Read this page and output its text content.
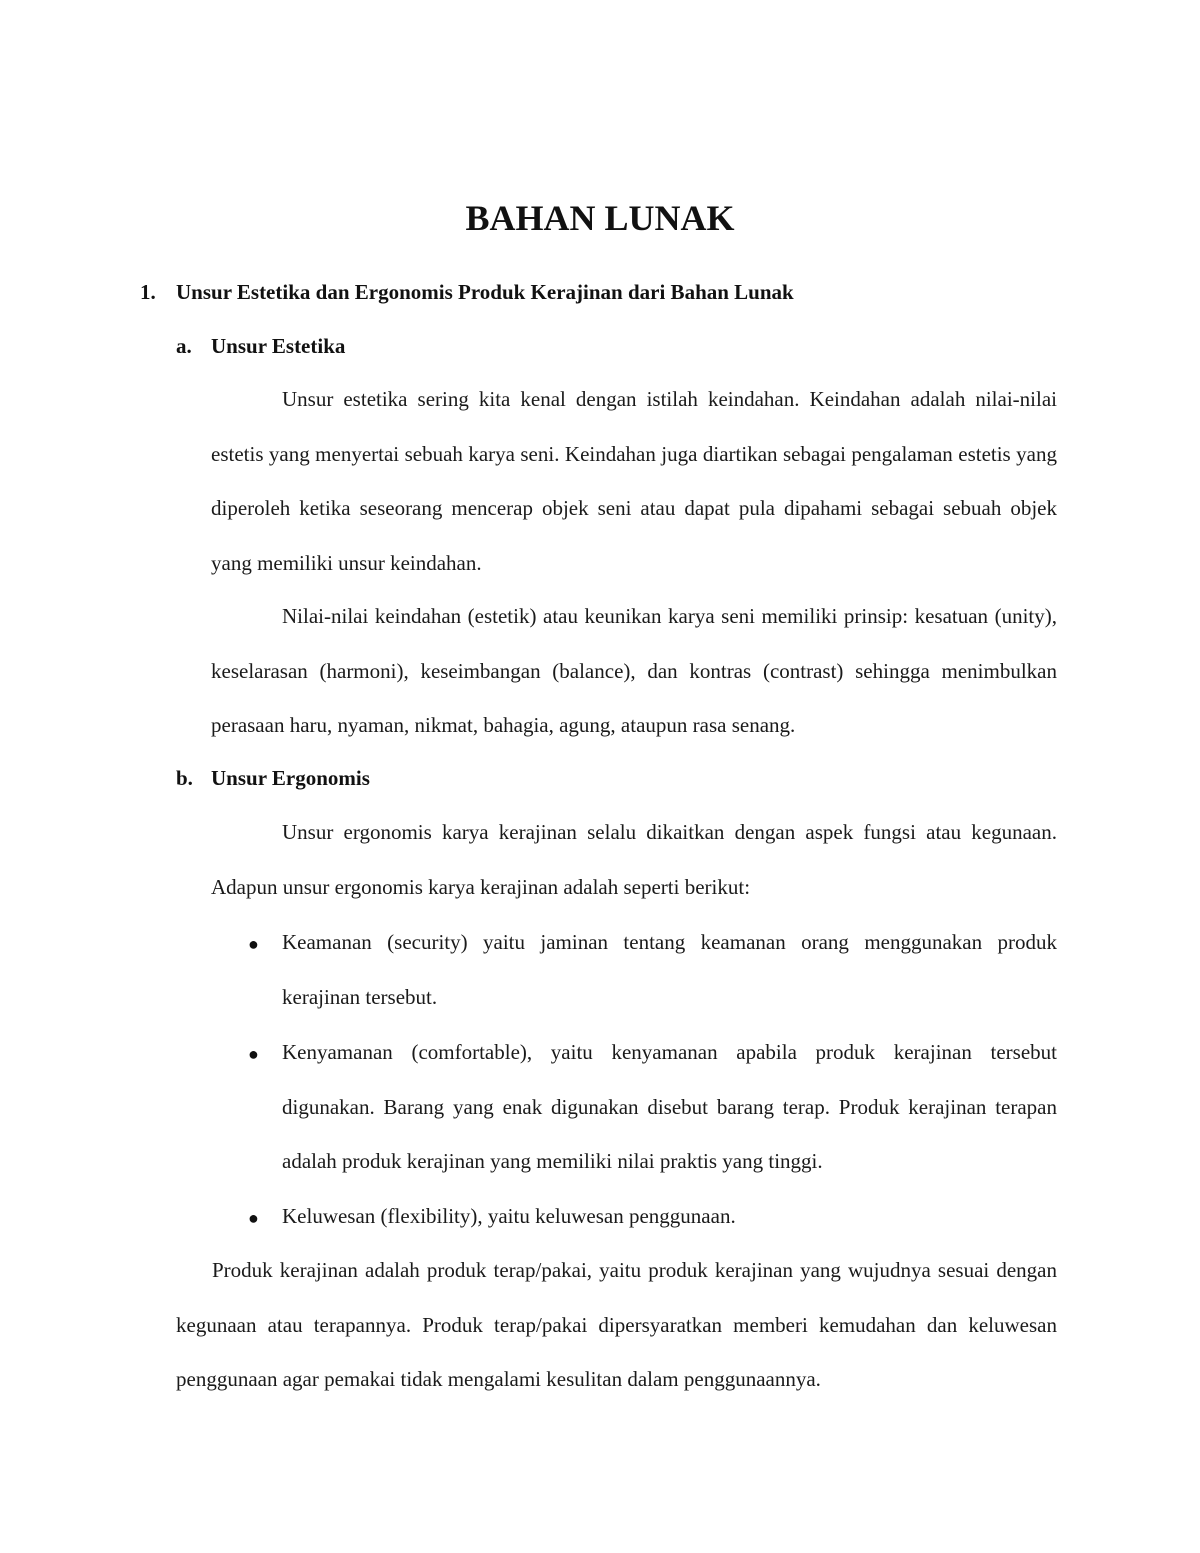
BAHAN LUNAK
1. Unsur Estetika dan Ergonomis Produk Kerajinan dari Bahan Lunak
a. Unsur Estetika
Unsur estetika sering kita kenal dengan istilah keindahan. Keindahan adalah nilai-nilai estetis yang menyertai sebuah karya seni. Keindahan juga diartikan sebagai pengalaman estetis yang diperoleh ketika seseorang mencerap objek seni atau dapat pula dipahami sebagai sebuah objek yang memiliki unsur keindahan.
Nilai-nilai keindahan (estetik) atau keunikan karya seni memiliki prinsip: kesatuan (unity), keselarasan (harmoni), keseimbangan (balance), dan kontras (contrast) sehingga menimbulkan perasaan haru, nyaman, nikmat, bahagia, agung, ataupun rasa senang.
b. Unsur Ergonomis
Unsur ergonomis karya kerajinan selalu dikaitkan dengan aspek fungsi atau kegunaan. Adapun unsur ergonomis karya kerajinan adalah seperti berikut:
● Keamanan (security) yaitu jaminan tentang keamanan orang menggunakan produk kerajinan tersebut.
● Kenyamanan (comfortable), yaitu kenyamanan apabila produk kerajinan tersebut digunakan. Barang yang enak digunakan disebut barang terap. Produk kerajinan terapan adalah produk kerajinan yang memiliki nilai praktis yang tinggi.
● Keluwesan (flexibility), yaitu keluwesan penggunaan.
Produk kerajinan adalah produk terap/pakai, yaitu produk kerajinan yang wujudnya sesuai dengan kegunaan atau terapannya. Produk terap/pakai dipersyaratkan memberi kemudahan dan keluwesan penggunaan agar pemakai tidak mengalami kesulitan dalam penggunaannya.
